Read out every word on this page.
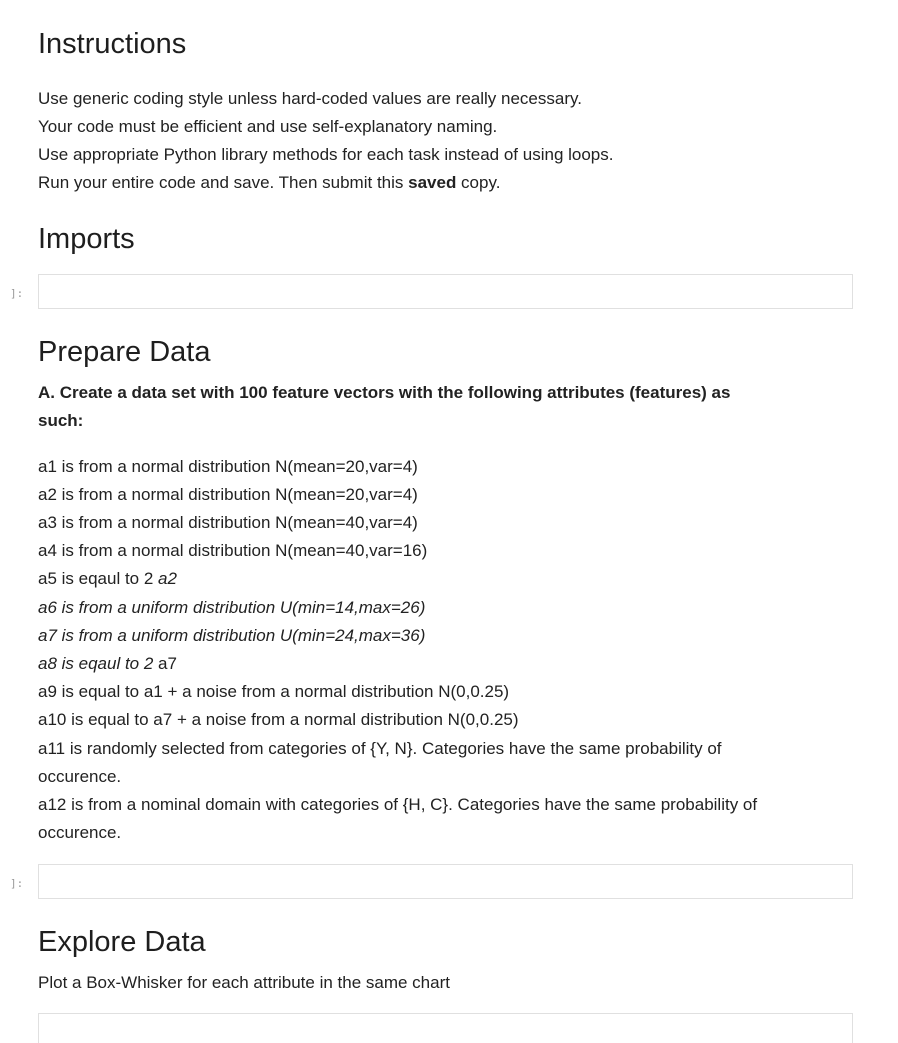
Instructions

Use generic coding style unless hard-coded values are really necessary.

Your code must be efficient and use self-explanatory naming.

Use appropriate Python library methods for each task instead of using loops.

Run your entire code and save. Then submit this saved copy.

Imports
]:
Prepare Data

A. Create a data set with 100 feature vectors with the following attributes (features) as

such:

a1 is from a normal distribution N(mean=20,var=4)

a2 is from a normal distribution N(mean=20,var=4)

a3 is from a normal distribution N(mean=40,var=4)

a4 is from a normal distribution N(mean=40,var=16)

a5 is eqaul to 2 a2

a6 is from a uniform distribution U(min=14,max=26)

a7 is from a uniform distribution U(min=24,max=36)

a8 is eqaul to 2 a7

a9 is equal to a1 + a noise from a normal distribution N(0,0.25)

a10 is equal to a7 + a noise from a normal distribution N(0,0.25)

a11 is randomly selected from categories of {Y, N}. Categories have the same probability of

occurence.

a12 is from a nominal domain with categories of {H, C}. Categories have the same probability of

occurence.

]:
Explore Data

Plot a Box-Whisker for each attribute in the same chart
